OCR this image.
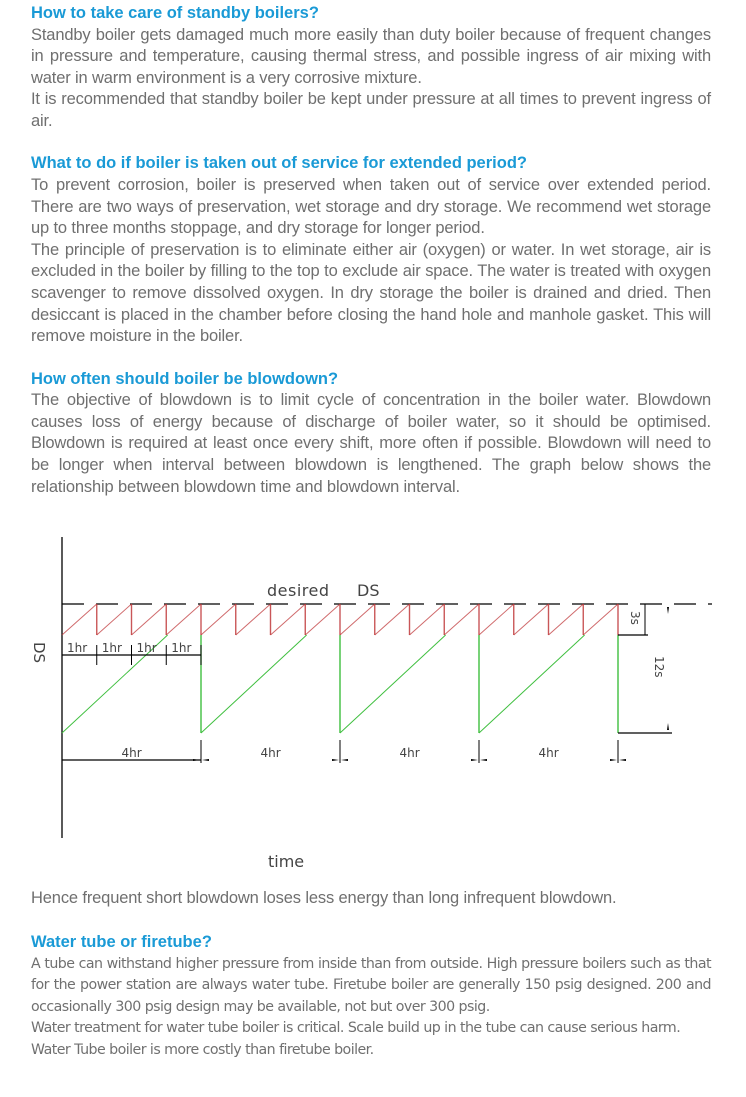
How to take care of standby boilers?

Standby boiler gets damaged much more easily than duty boiler because of frequent changes in pressure and temperature, causing thermal stress, and possible ingress of air mixing with water in warm environment is a very corrosive mixture.

It is recommended that standby boiler be kept under pressure at all times to prevent ingress of air.

What to do if boiler is taken out of service for extended period?

To prevent corrosion, boiler is preserved when taken out of service over extended period. There are two ways of preservation, wet storage and dry storage. We recommend wet storage up to three months stoppage, and dry storage for longer period.

The principle of preservation is to eliminate either air (oxygen) or water. In wet storage, air is excluded in the boiler by filling to the top to exclude air space. The water is treated with oxygen scavenger to remove dissolved oxygen. In dry storage the boiler is drained and dried. Then desiccant is placed in the chamber before closing the hand hole and manhole gasket. This will remove moisture in the boiler.

How often should boiler be blowdown?

The objective of blowdown is to limit cycle of concentration in the boiler water. Blowdown causes loss of energy because of discharge of boiler water, so it should be optimised. Blowdown is required at least once every shift, more often if possible. Blowdown will need to be longer when interval between blowdown is lengthened. The graph below shows the relationship between blowdown time and blowdown interval.

desired DS
DS
time
1hr 1hr 1hr 1hr
4hr	4hr	4hr	4hr
3s
12s

Hence frequent short blowdown loses less energy than long infrequent blowdown.

Water tube or firetube?

A tube can withstand higher pressure from inside than from outside. High pressure boilers such as that for the power station are always water tube. Firetube boiler are generally 150 psig designed. 200 and occasionally 300 psig design may be available, not but over 300 psig.

Water treatment for water tube boiler is critical. Scale build up in the tube can cause serious harm.

Water Tube boiler is more costly than firetube boiler.
